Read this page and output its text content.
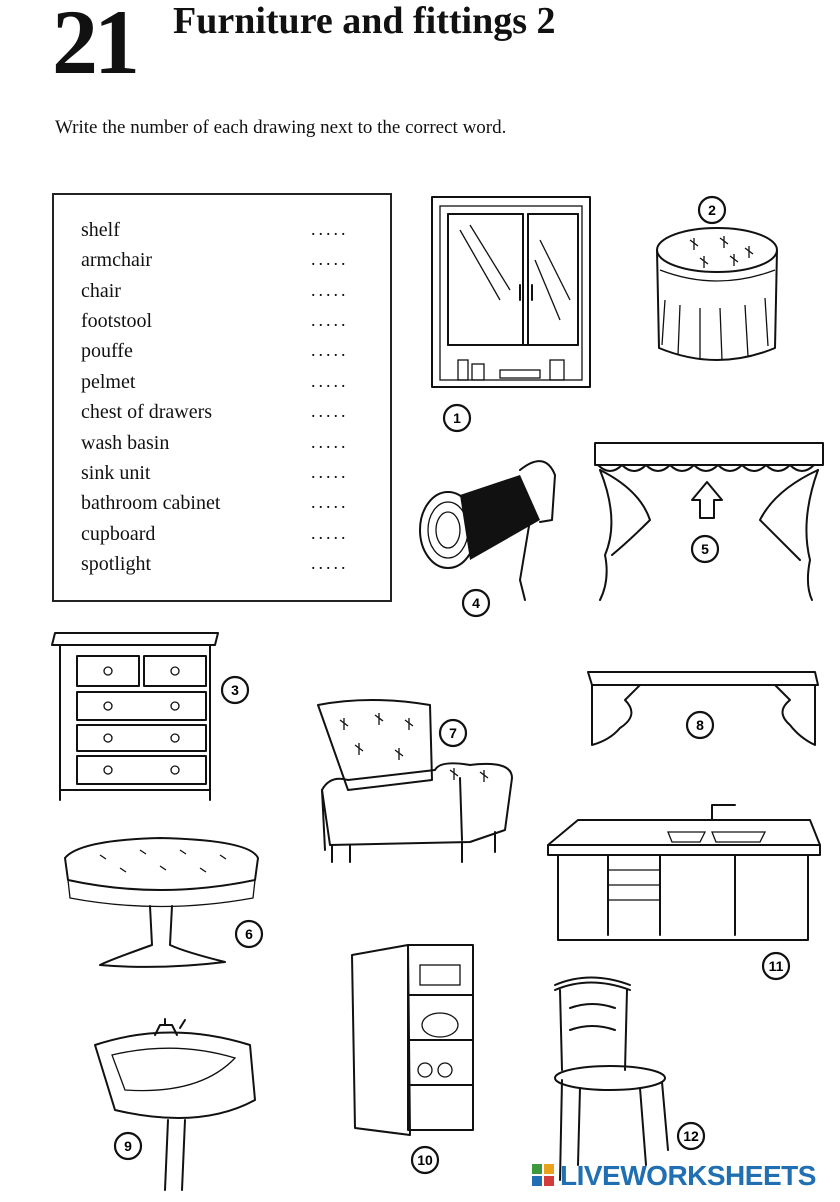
21 Furniture and fittings 2
Write the number of each drawing next to the correct word.
shelf	.....
armchair	.....
chair	.....
footstool	.....
pouffe	.....
pelmet	.....
chest of drawers	.....
wash basin	.....
sink unit	.....
bathroom cabinet	.....
cupboard	.....
spotlight	.....
1
2
3
4
5
6
7	8
9
10
11
12
LIVEWORKSHEETS
